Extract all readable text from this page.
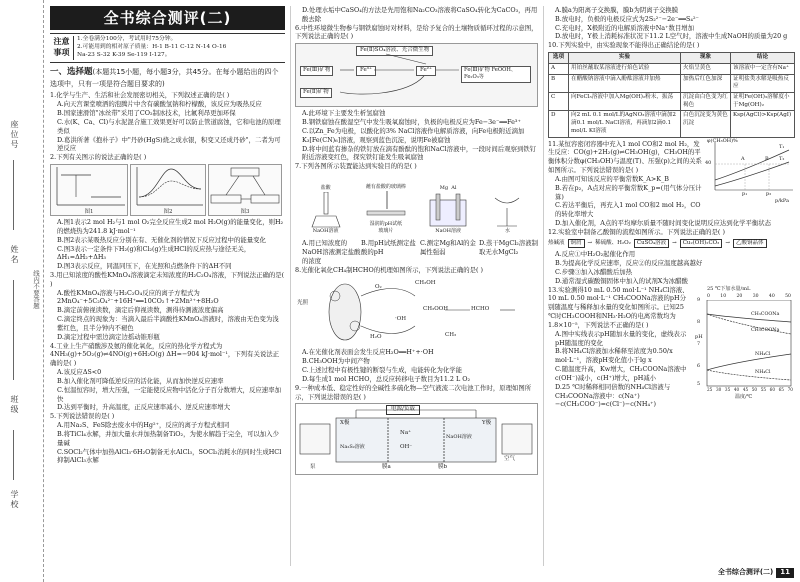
座位号
姓名
班级
学校
线内不要答题
全书综合测评(二)
注意
事项

1.全卷满分100分，考试用时75分钟。

2.可能用到的相对原子质量：H-1 B-11 C-12 N-14 O-16

Na-23 S-32 K-39 Se-119 I-127。

一、选择题(本题共15小题，每小题3分，共45分。在每小题给出的四个选项中，只有一项是符合题目要求的)

1.化学与生产、生活和社会发展密切相关，下列叙述正确的是( )

A.向天宫课堂喷洒的泡腾片中含有碳酸氢钠和柠檬酸，该反应为吸热反应

B.国家速滑馆"冰丝带"采用了CO₂制冰技术，比氟利昂更加环保

C.水(K、Ca、Cl)与水泥混合施工效果更好可以防止管道腐蚀，它和电池的原理类似

D.葛洪所著《抱朴子》中"丹砂(HgS)烧之成水银，积变又还成丹砂"，二者为可逆反应

2.下列有关图示的说法正确的是( )

图1	图2	图3

A.图1表示2 mol H₂与1 mol O₂完全反应生成2 mol H₂O(g)的能量变化，则H₂的燃烧热为241.8 kJ·mol⁻¹

B.图2表示某吸热反应分别在有、无催化剂的情况下反应过程中的能量变化

C.图3表示一定条件下H₂(g)和Cl₂(g)生成HCl的反应热与途径无关，ΔH₁=ΔH₂+ΔH₃

D.图3表示反应，同温同压下，在光照和点燃条件下的ΔH不同

3.用已知浓度的酸性KMnO₄溶液滴定未知浓度的H₂C₂O₄溶液，下列说法正确的是( )

A.酸性KMnO₄溶液与H₂C₂O₄反应的离子方程式为2MnO₄⁻+5C₂O₄²⁻+16H⁺══10CO₂↑+2Mn²⁺+8H₂O

B.滴定前俯视读数，滴定后仰视读数，测得待测液浓度偏高

C.滴定终点的现象为：当滴入最后半滴酸性KMnO₄溶液时，溶液由无色变为浅紫红色，且半分钟内不褪色

D.滴定过程中需边滴定边摇动锥形瓶

4.工业上生产硝酸涉及氨的催化氧化，反应的热化学方程式为4NH₃(g)+5O₂(g)⇌4NO(g)+6H₂O(g) ΔH=−904 kJ·mol⁻¹，下列有关说法正确的是( )

A.该反应ΔS<0

B.加入催化剂可降低逆反应的活化能，从而加快逆反应速率

C.恒温恒容时，增大压强，一定能使反应物中活化分子百分数增大，反应速率加快

D.达到平衡时，升高温度，正反应速率减小、逆反应速率增大

5.下列说法错误的是( )

A.用Na₂S、FeS除去废水中的Hg²⁺，反应的离子方程式相同

B.将TiCl₄水解，并加大量水并加热制备TiO₂，为使水解趋于完全，可以加入少量碱

C.SOCl₂气体中加热AlCl₃·6H₂O制备无水AlCl₃，SOCl₂消耗水的同时生成HCl抑制AlCl₃水解

D.处理水垢中CaSO₄的方法是先用饱和Na₂CO₃溶液将CaSO₄转化为CaCO₃，再用酸去除

6.中性环境微生物参与钢铁腐蚀时对材料，是给予复合的土壤物质循环过程的示意图，下列说法正确的是( )

Fe(Ⅱ)SO₄溶液、光合微生物
Fe(Ⅲ)矿物	Fe³⁺	Fe²⁺	Fe(Ⅲ)矿物 FeOOH、Fe₂O₃等
Fe(Ⅱ)矿物

A.此环境下主要发生析氢腐蚀

B.钢铁腐蚀在酸湿空气中发生吸氧腐蚀时，负极的电极反应为Fe−3e⁻══Fe³⁺

C.以Zn_Fe为电极，以酸化的3% NaCl溶液作电解质溶液，向Fe电极附近滴加K₃[Fe(CN)₆]溶液，观察到蓝色沉淀，说明Fe被腐蚀

D.将中间蓝有掺杂的铁钉放在滴有酚酞的饱和NaCl溶液中，一段时间后观察到铁钉附近溶液变红色，探究铁钉能发生吸氧腐蚀

7.下列各图所示装置能达到实验目的的是( )

盐酸
NaOH溶液
蘸有盐酸的玻璃棒
湿润的pH试纸
玻璃片
Mg Al
NaOH溶液	水
A.用已知浓度的NaOH溶液测定盐酸的浓度
B.用pH试纸测定盐酸的pH
C.测定Mg和Al的金属性强弱
D.蒸干MgCl₂溶液制取无水MgCl₂

8.光催化氧化CH₄制HCHO的机理如图所示，下列说法正确的是( )

光照
CH₃OOH	HCHO
CH₃OH
H₂O
O₂
·OH
CH₃

A.在光催化剂表面会发生反应H₂O══H⁺+·OH

B.CH₃OOH为中间产物

C.上述过程中有极性键的断裂与生成，电能转化为化学能

D.每生成1 mol HCHO，总反应转移电子数目为11.2 L O₂

9.一种成本低、稳定性好的全碱性多硫化物—空气液流二次电池工作时，原理如图所示，下列说法错误的是( )

电源/负载
X极
膜a	膜b
Y极
NaOH溶液
空气
Na₂S₂溶液
泵
Na⁺
OH⁻

A.膜a为阳离子交换膜，膜b为阴离子交换膜

B.放电时，负极的电极反应式为2S₂²⁻−2e⁻══S₄²⁻

C.充电时，X极附近的电解质溶液中Na⁺数目增加

D.放电时，Y极上消耗标准状况下11.2 L空气时，溶液中生成NaOH的质量为20 g

10.下列实验中，由实验现象不能得出正确结论的是( )

选项	实验	现象	结论
A	用铂丝蘸取某溶液进行焰色试验	火焰呈黄色	该溶液中一定含有Na⁺
B	在醋酸钠溶液中滴入酚酞溶液并加热	加热后红色加深	证明盐类水解是吸热反应
C	向FeCl₃溶液中加入Mg(OH)₂粉末，振荡	沉淀由白色变为红褐色	证明Fe(OH)₃溶解度小于Mg(OH)₂
D	向2 mL 0.1 mol/L的AgNO₃溶液中滴加2滴0.1 mol/L NaCl溶液，再滴加2滴0.1 mol/L KI溶液	白色沉淀变为黄色沉淀	Ksp(AgCl)>Ksp(AgI)
φ(CH₃OH)%
40
T₁
T₂
A	B
p₁	p₂
p/kPa

11.某恒容密闭容器中充入1 mol CO和2 mol H₂，发生反应：CO(g)+2H₂(g)⇌CH₃OH(g)，CH₃OH的平衡体积分数φ(CH₃OH)与温度(T)、压强(p)之间的关系如图所示。下列说法错误的是( )

A.由图可知该反应的平衡常数K_A>K_B

B.若在p₂，A点对应的平衡常数K_p=(用气体分压计算)

C.若达平衡后，再充入1 mol CO和2 mol H₂，CO的转化率增大

D.加入催化剂，A点的平均摩尔质量不随时间变化说明反应达到化学平衡状态

12.实验室中制备乙酸铜的流程如图所示。下列说法正确的是( )

热碱液	铜屑	→ 稀硫酸、H₂O₂	CuSO₄溶液	→	Cu₂(OH)₂CO₃	→	乙酸铜晶体

A.反应①中H₂O₂起催化作用

B.为提高化学反应速率，反应②的反应温度越高越好

C.步骤③加入冰醋酸后加热

D.通常湿式碳酸铜固体中加入的试剂X为冰醋酸

25 ℃下加水量/mL
0 10 20 30 40 50
9
8
7
6
5
pH
CH₃COONa
CH₃COONa
NH₄Cl
NH₄Cl
25 30 35 40 45 50 55 60 65 70
温度/℃

13.实验测得10 mL 0.50 mol·L⁻¹ NH₄Cl溶液、10 mL 0.50 mol·L⁻¹ CH₃COONa溶液的pH分别随温度与稀释加水量的变化如图所示。已知25 ℃时CH₃COOH和NH₃·H₂O的电离常数均为1.8×10⁻⁵，下列说法不正确的是( )

A.图中实线表示pH随加水量的变化，虚线表示pH随温度的变化

B.将NH₄Cl溶液加水稀释至浓度为0.50/x mol·L⁻¹，溶液pH变化值小于lg x

C.随温度升高，Kw增大，CH₃COONa溶液中c(OH⁻)减小，c(H⁺)增大，pH减小

D.25 ℃时稀释相同倍数的NH₄Cl溶液与CH₃COONa溶液中：c(Na⁺)−c(CH₃COO⁻)=c(Cl⁻)−c(NH₄⁺)

全书综合测评(二)	11
